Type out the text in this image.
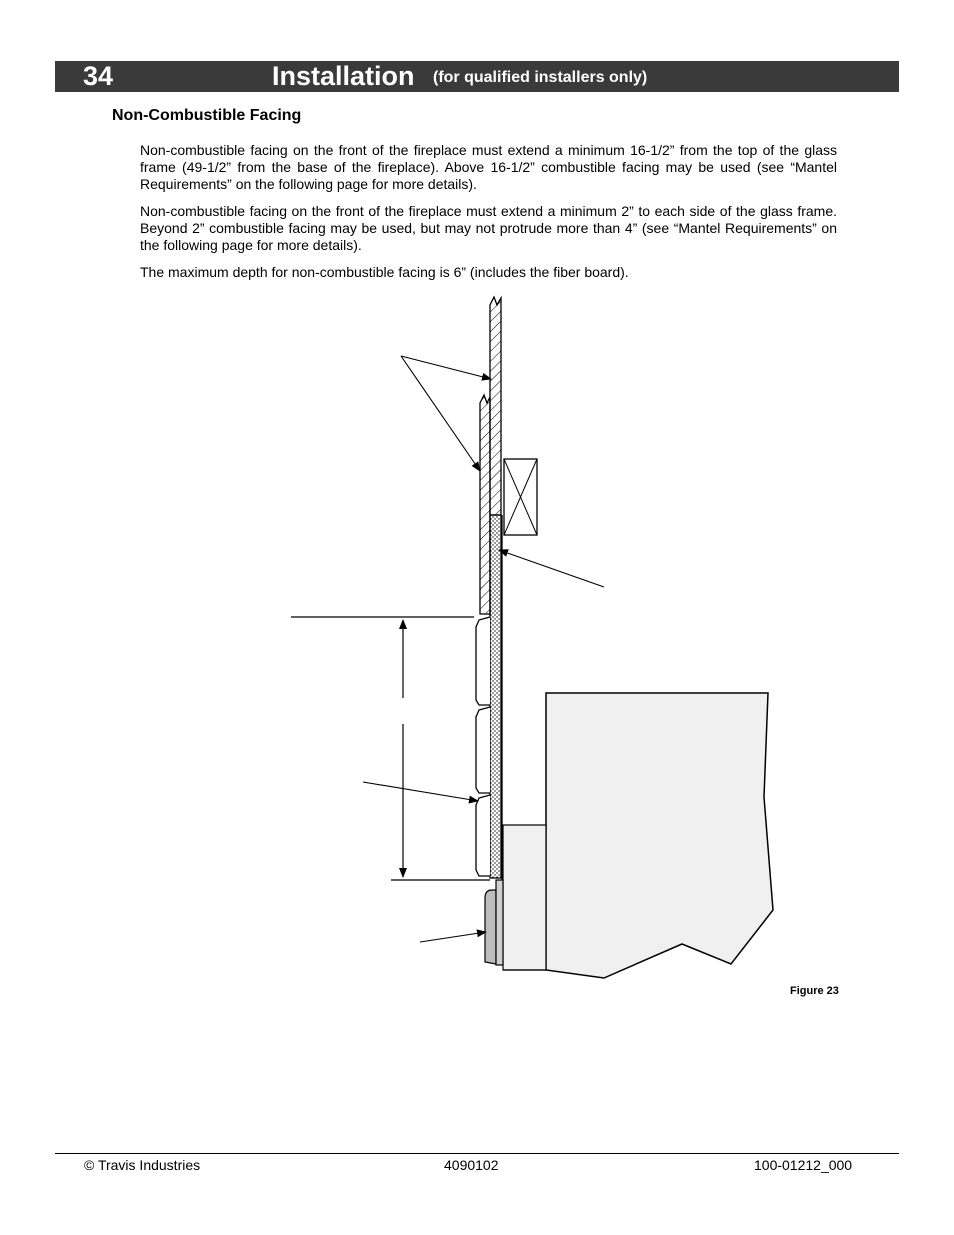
34	Installation (for qualified installers only)
Non-Combustible Facing

Non-combustible facing on the front of the fireplace must extend a minimum 16-1/2” from the top of the glass frame (49-1/2” from the base of the fireplace). Above 16-1/2” combustible facing may be used (see “Mantel Requirements” on the following page for more details).

Non-combustible facing on the front of the fireplace must extend a minimum 2” to each side of the glass frame. Beyond 2” combustible facing may be used, but may not protrude more than 4” (see “Mantel Requirements” on the following page for more details).

The maximum depth for non-combustible facing is 6” (includes the fiber board).

Figure 23
© Travis Industries	4090102	100-01212_000
